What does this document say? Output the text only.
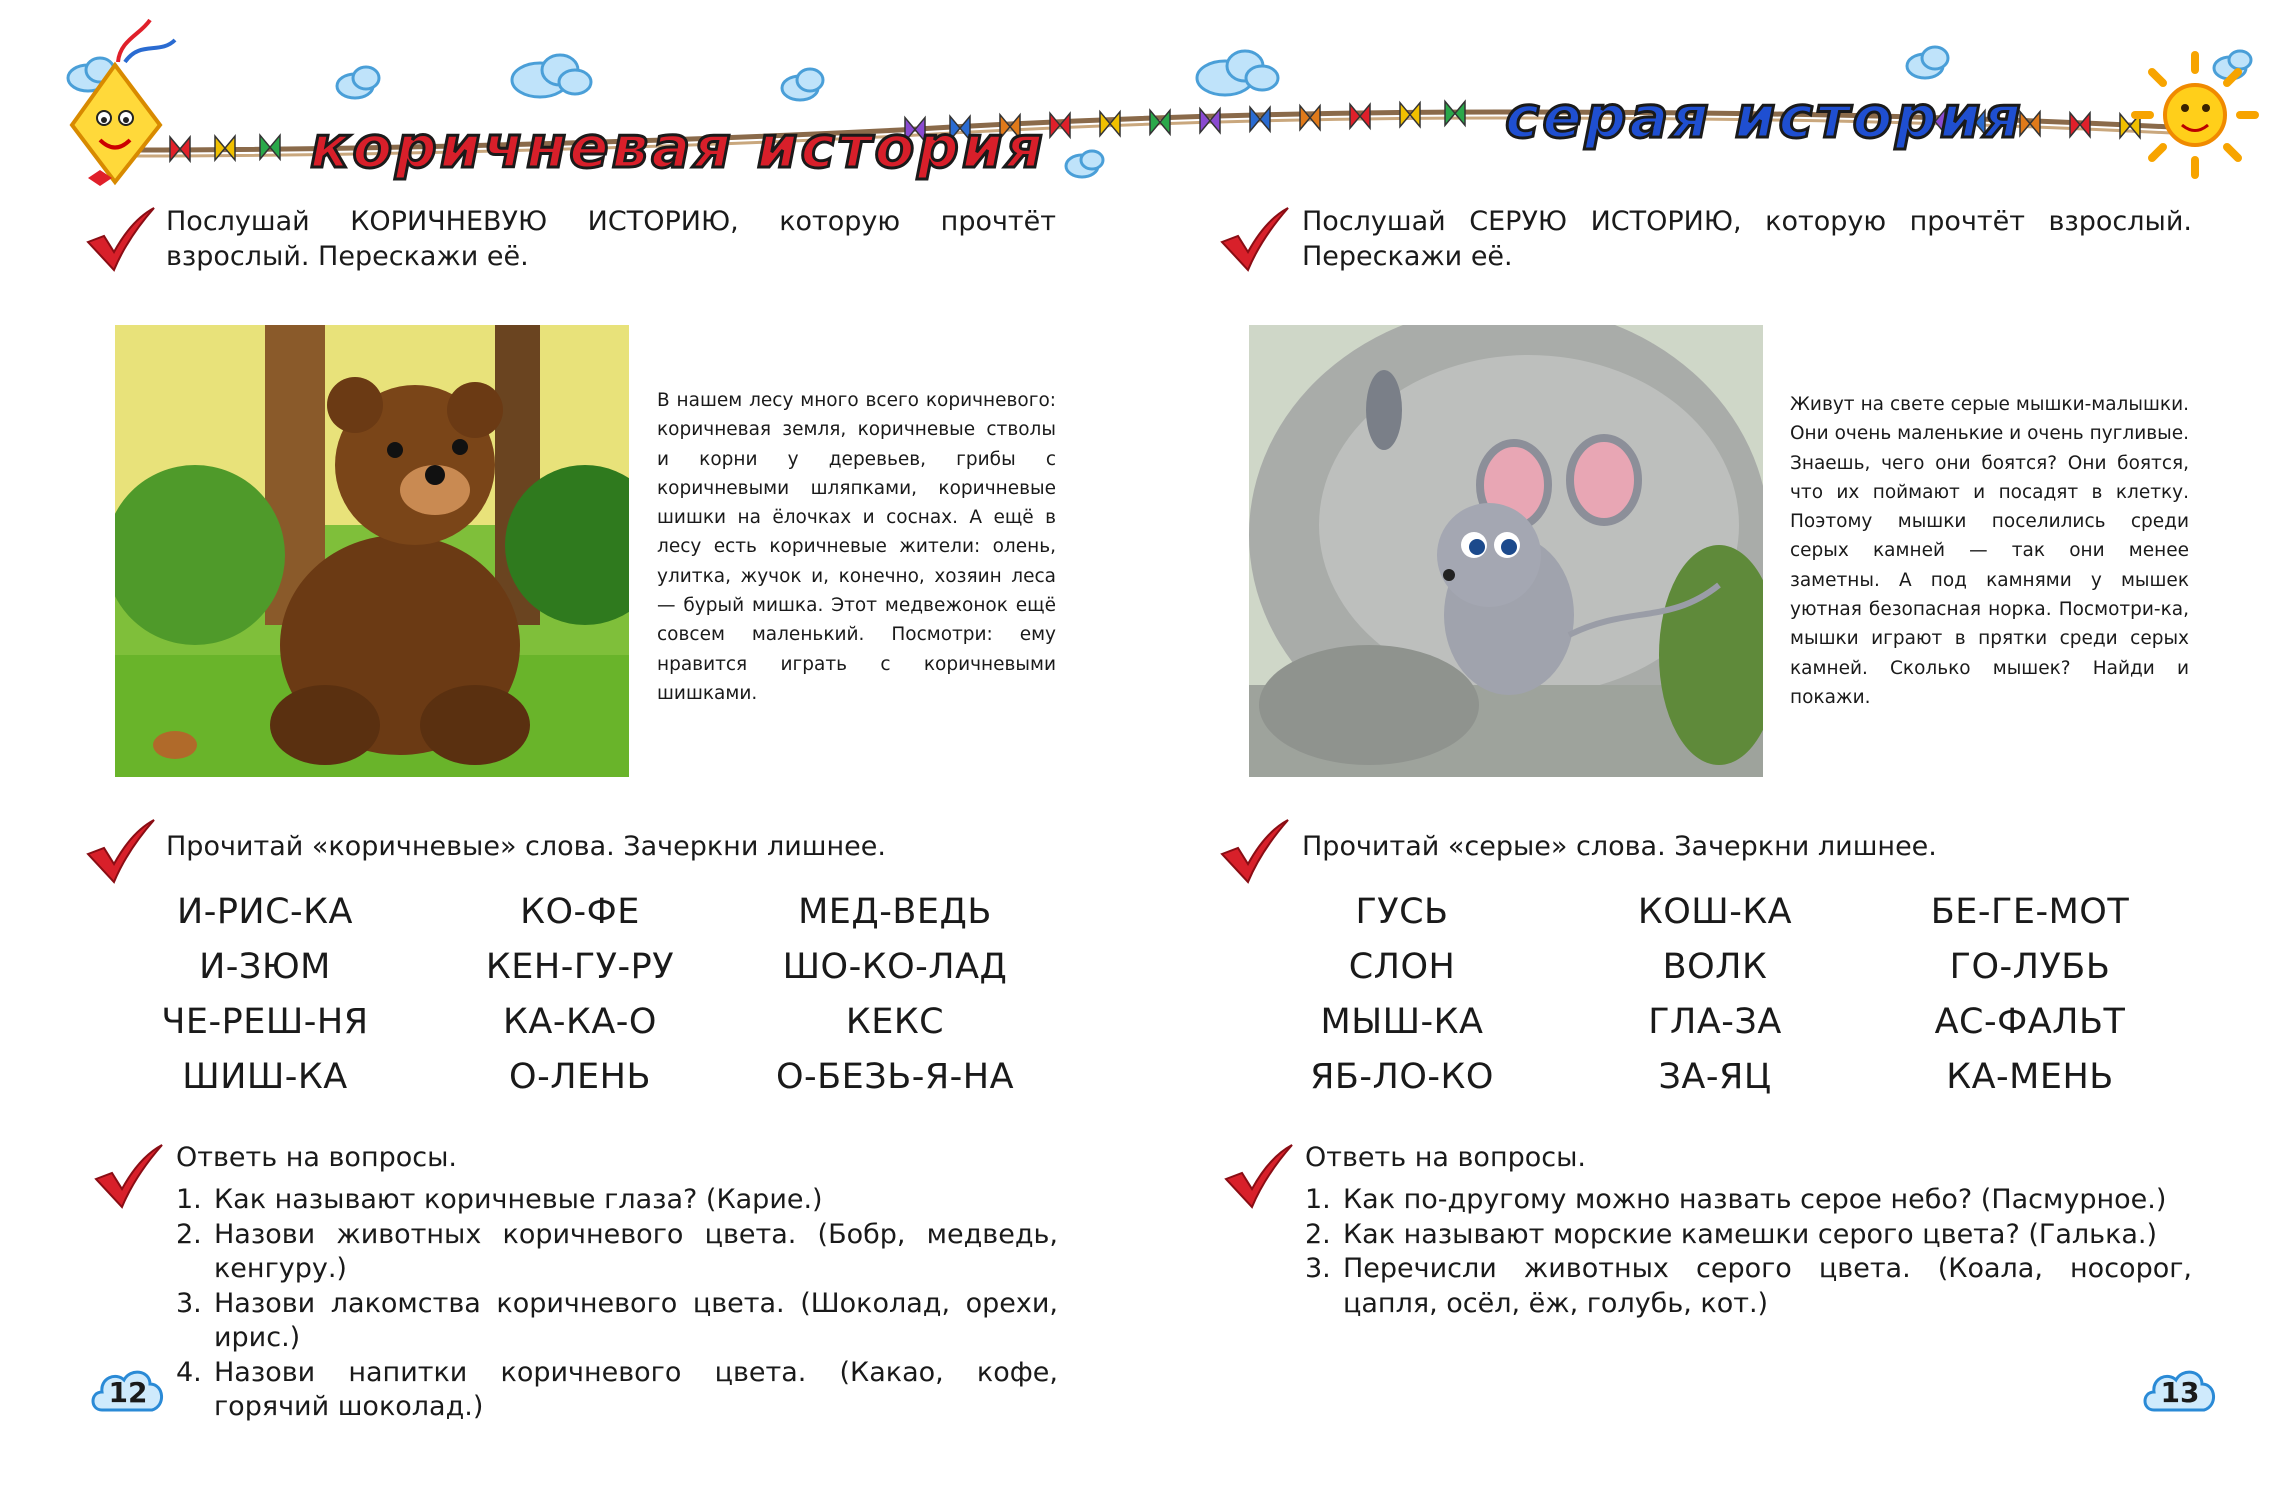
коричневая история	серая история
Послушай КОРИЧНЕВУЮ ИСТОРИЮ, которую прочтёт взрослый. Перескажи её.
В нашем лесу много всего коричневого: коричневая земля, коричневые стволы и корни у деревьев, грибы с коричневыми шляпками, коричневые шишки на ёлочках и соснах. А ещё в лесу есть коричневые жители: олень, улитка, жучок и, конечно, хозяин леса — бурый мишка. Этот медвежонок ещё совсем маленький. Посмотри: ему нравится играть с коричневыми шишками.
Прочитай «коричневые» слова. Зачеркни лишнее.
И-РИС-КА
И-ЗЮМ
ЧЕ-РЕШ-НЯ
ШИШ-КА
КО-ФЕ
КЕН-ГУ-РУ
КА-КА-О
О-ЛЕНЬ
МЕД-ВЕДЬ
ШО-КО-ЛАД
КЕКС
О-БЕЗЬ-Я-НА
Ответь на вопросы.
1. Как называют коричневые глаза? (Карие.)
2. Назови животных коричневого цвета. (Бобр, медведь, кенгуру.)
3. Назови лакомства коричневого цвета. (Шоколад, орехи, ирис.)
4. Назови напитки коричневого цвета. (Какао, кофе, горячий шоколад.)
12
Послушай СЕРУЮ ИСТОРИЮ, которую прочтёт взрослый. Перескажи её.
Живут на свете серые мышки-малышки. Они очень маленькие и очень пугливые. Знаешь, чего они боятся? Они боятся, что их поймают и посадят в клетку. Поэтому мышки поселились среди серых камней — так они менее заметны. А под камнями у мышек уютная безопасная норка. Посмотри-ка, мышки играют в прятки среди серых камней. Сколько мышек? Найди и покажи.
Прочитай «серые» слова. Зачеркни лишнее.
ГУСЬ
СЛОН
МЫШ-КА
ЯБ-ЛО-КО
КОШ-КА
ВОЛК
ГЛА-ЗА
ЗА-ЯЦ
БЕ-ГЕ-МОТ
ГО-ЛУБЬ
АС-ФАЛЬТ
КА-МЕНЬ
Ответь на вопросы.
1. Как по-другому можно назвать серое небо? (Пасмурное.)
2. Как называют морские камешки серого цвета? (Галька.)
3. Перечисли животных серого цвета. (Коала, носорог, цапля, осёл, ёж, голубь, кот.)
13
